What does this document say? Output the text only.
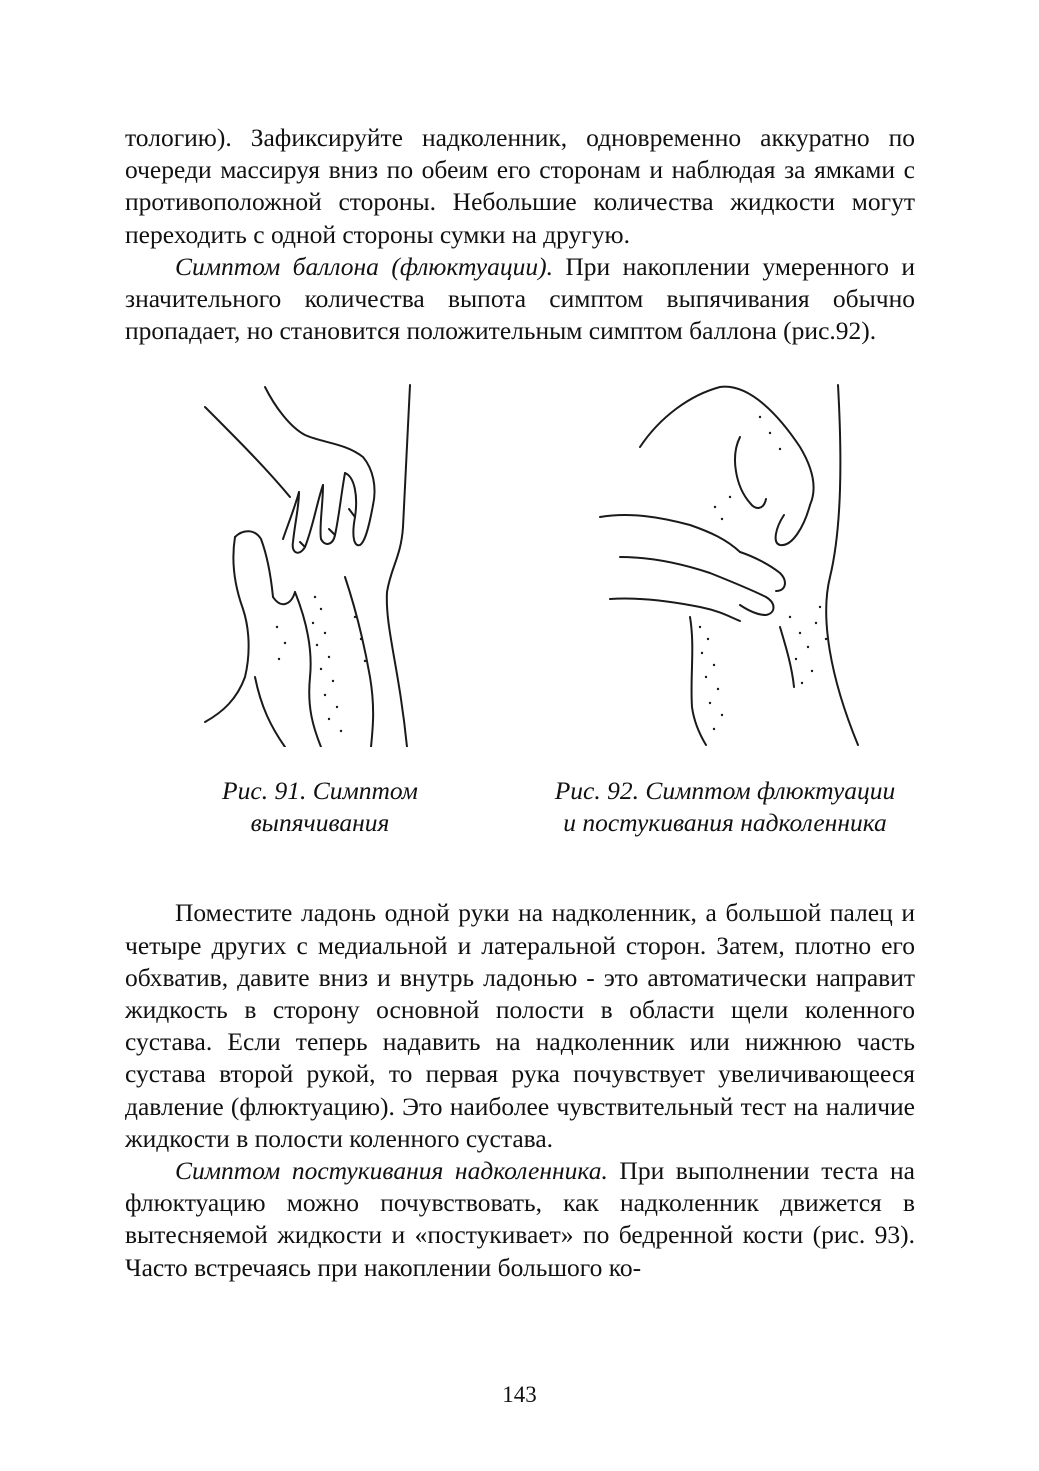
тологию). Зафиксируйте надколенник, одновременно аккуратно по очереди массируя вниз по обеим его сторонам и наблюдая за ямками с противоположной стороны. Небольшие количества жидкости могут переходить с одной стороны сумки на другую.

Симптом баллона (флюктуации). При накоплении умеренного и значительного количества выпота симптом выпячивания обычно пропадает, но становится положительным симптом баллона (рис.92).

Рис. 91. Симптом
выпячивания
Рис. 92. Симптом флюктуации
и постукивания надколенника

Поместите ладонь одной руки на надколенник, а большой палец и четыре других с медиальной и латеральной сторон. Затем, плотно его обхватив, давите вниз и внутрь ладонью - это автоматически направит жидкость в сторону основной полости в области щели коленного сустава. Если теперь надавить на надколенник или нижнюю часть сустава второй рукой, то первая рука почувствует увеличивающееся давление (флюктуацию). Это наиболее чувствительный тест на наличие жидкости в полости коленного сустава.

Симптом постукивания надколенника. При выполнении теста на флюктуацию можно почувствовать, как надколенник движется в вытесняемой жидкости и «постукивает» по бедренной кости (рис. 93). Часто встречаясь при накоплении большого ко-

143
